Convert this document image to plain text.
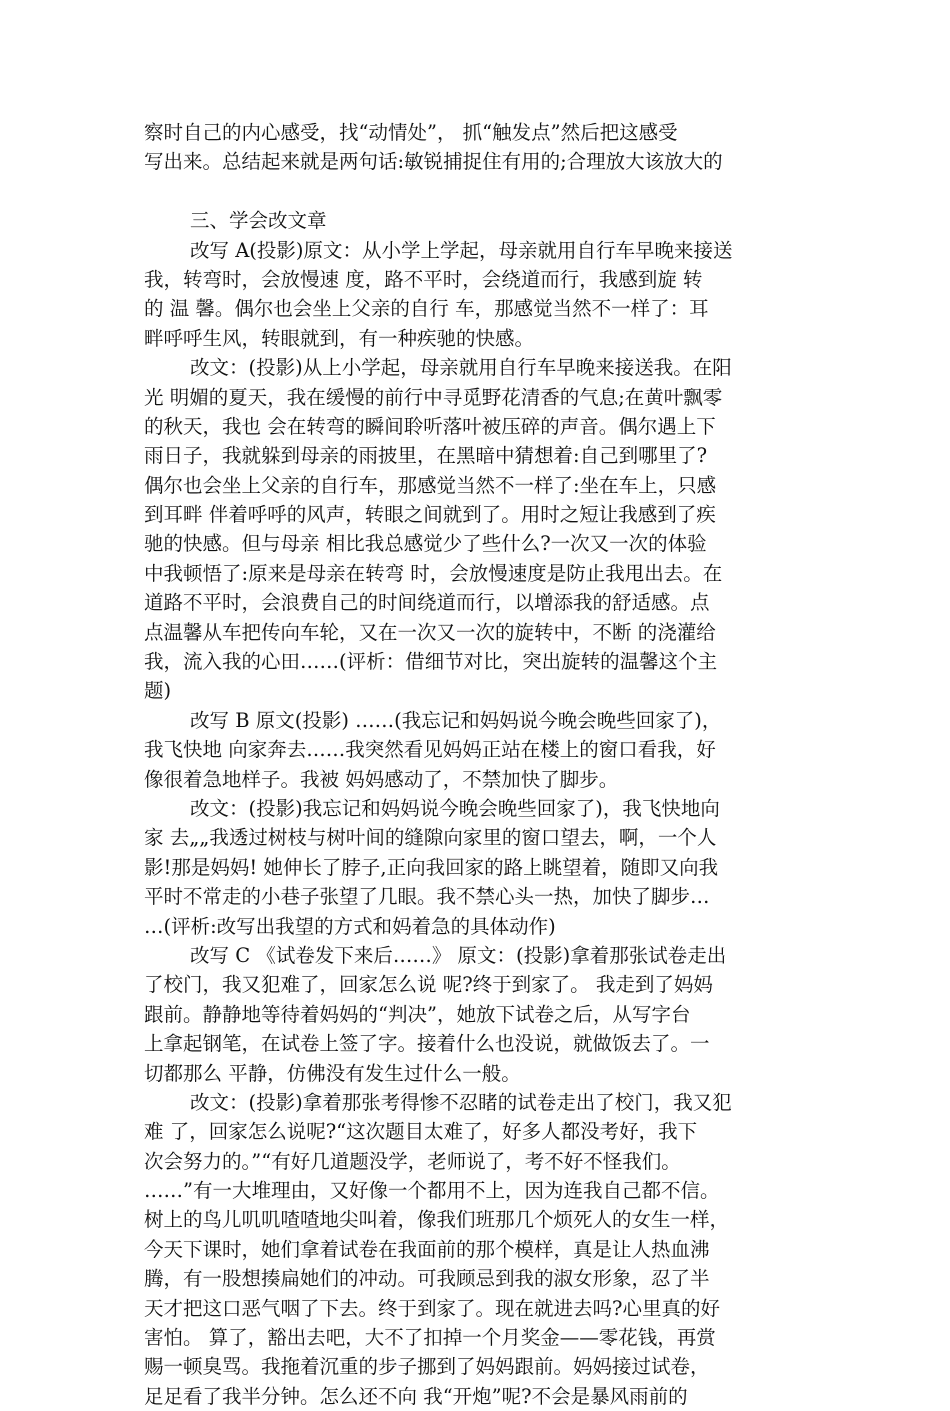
察时自己的内心感受，找“动情处”， 抓“触发点”然后把这感受
写出来。总结起来就是两句话:敏锐捕捉住有用的;合理放大该放大的
三、学会改文章
改写 A(投影)原文：从小学上学起，母亲就用自行车早晚来接送
我，转弯时，会放慢速 度，路不平时，会绕道而行，我感到旋 转
的 温 馨。偶尔也会坐上父亲的自行 车，那感觉当然不一样了：耳
畔呼呼生风，转眼就到，有一种疾驰的快感。
改文：(投影)从上小学起，母亲就用自行车早晚来接送我。在阳
光 明媚的夏天，我在缓慢的前行中寻觅野花清香的气息;在黄叶飘零
的秋天，我也 会在转弯的瞬间聆听落叶被压碎的声音。偶尔遇上下
雨日子，我就躲到母亲的雨披里，在黑暗中猜想着:自己到哪里了?
偶尔也会坐上父亲的自行车，那感觉当然不一样了:坐在车上，只感
到耳畔 伴着呼呼的风声，转眼之间就到了。用时之短让我感到了疾
驰的快感。但与母亲 相比我总感觉少了些什么?一次又一次的体验
中我顿悟了:原来是母亲在转弯 时，会放慢速度是防止我甩出去。在
道路不平时，会浪费自己的时间绕道而行，以增添我的舒适感。点
点温馨从车把传向车轮，又在一次又一次的旋转中，不断 的浇灌给
我，流入我的心田……(评析：借细节对比，突出旋转的温馨这个主
题)
改写 B 原文(投影) ……(我忘记和妈妈说今晚会晚些回家了)，
我飞快地 向家奔去……我突然看见妈妈正站在楼上的窗口看我，好
像很着急地样子。我被 妈妈感动了，不禁加快了脚步。
改文：(投影)我忘记和妈妈说今晚会晚些回家了)，我飞快地向
家 去„„我透过树枝与树叶间的缝隙向家里的窗口望去，啊，一个人
影!那是妈妈! 她伸长了脖子,正向我回家的路上眺望着，随即又向我
平时不常走的小巷子张望了几眼。我不禁心头一热，加快了脚步…
…(评析:改写出我望的方式和妈着急的具体动作)
改写 C 《试卷发下来后……》 原文：(投影)拿着那张试卷走出
了校门，我又犯难了，回家怎么说 呢?终于到家了。 我走到了妈妈
跟前。静静地等待着妈妈的“判决”，她放下试卷之后，从写字台
上拿起钢笔，在试卷上签了字。接着什么也没说，就做饭去了。一
切都那么 平静，仿佛没有发生过什么一般。
改文：(投影)拿着那张考得惨不忍睹的试卷走出了校门，我又犯
难 了，回家怎么说呢?“这次题目太难了，好多人都没考好，我下
次会努力的。”“有好几道题没学，老师说了，考不好不怪我们。
……”有一大堆理由，又好像一个都用不上，因为连我自己都不信。
树上的鸟儿叽叽喳喳地尖叫着，像我们班那几个烦死人的女生一样，
今天下课时，她们拿着试卷在我面前的那个模样，真是让人热血沸
腾，有一股想揍扁她们的冲动。可我顾忌到我的淑女形象，忍了半
天才把这口恶气咽了下去。终于到家了。现在就进去吗?心里真的好
害怕。 算了，豁出去吧，大不了扣掉一个月奖金——零花钱，再赏
赐一顿臭骂。我拖着沉重的步子挪到了妈妈跟前。妈妈接过试卷，
足足看了我半分钟。怎么还不向 我“开炮”呢?不会是暴风雨前的
